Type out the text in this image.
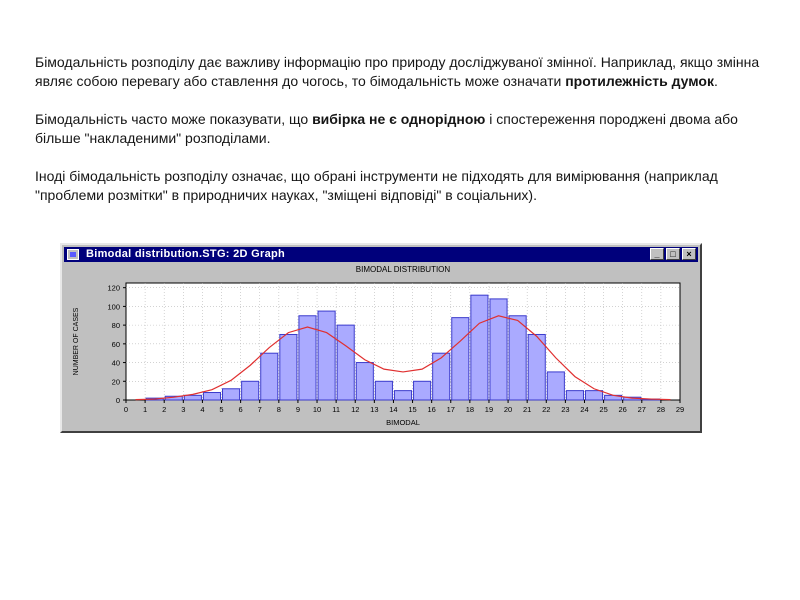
Бімодальність розподілу дає важливу інформацію про природу досліджуваної змінної. Наприклад, якщо змінна являє собою перевагу або ставлення до чогось, то бімодальність може означати протилежність думок.

Бімодальність часто може показувати, що вибірка не є однорідною і спостереження породжені двома або більше "накладеними" розподілами.

Іноді бімодальність розподілу означає, що обрані інструменти не підходять для вимірювання (наприклад "проблеми розмітки" в природничих науках, "зміщені відповіді" в соціальних).

Bimodal distribution.STG: 2D Graph	_	□	×
BIMODAL DISTRIBUTION
0
20
40
60
80
100
120
0 1 2 3 4 5 6 7 8 9 10 11 12 13 14 15 16 17 18 19 20 21 22 23 24 25 26 27 28 29
BIMODAL
NUMBER OF CASES
